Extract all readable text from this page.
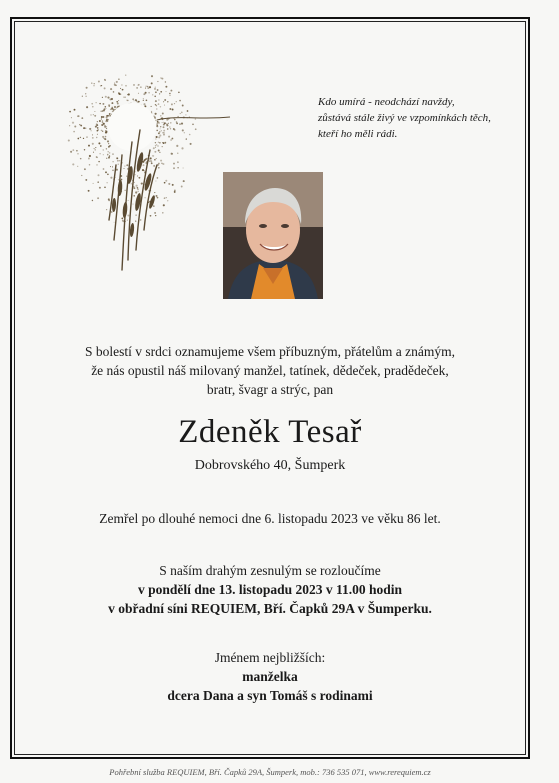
Kdo umírá - neodchází navždy,
zůstává stále živý ve vzpomínkách těch,
kteří ho měli rádi.
S bolestí v srdci oznamujeme všem příbuzným, přátelům a známým,
že nás opustil náš milovaný manžel, tatínek, dědeček, pradědeček,
bratr, švagr a strýc, pan
Zdeněk Tesař
Dobrovského 40, Šumperk
Zemřel po dlouhé nemoci dne 6. listopadu 2023 ve věku 86 let.
S naším drahým zesnulým se rozloučíme
v pondělí dne 13. listopadu 2023 v 11.00 hodin
v obřadní síni REQUIEM, Bří. Čapků 29A v Šumperku.
Jménem nejbližších:
manželka
dcera Dana a syn Tomáš s rodinami
Pohřební služba REQUIEM, Bří. Čapků 29A, Šumperk, mob.: 736 535 071, www.rerequiem.cz
